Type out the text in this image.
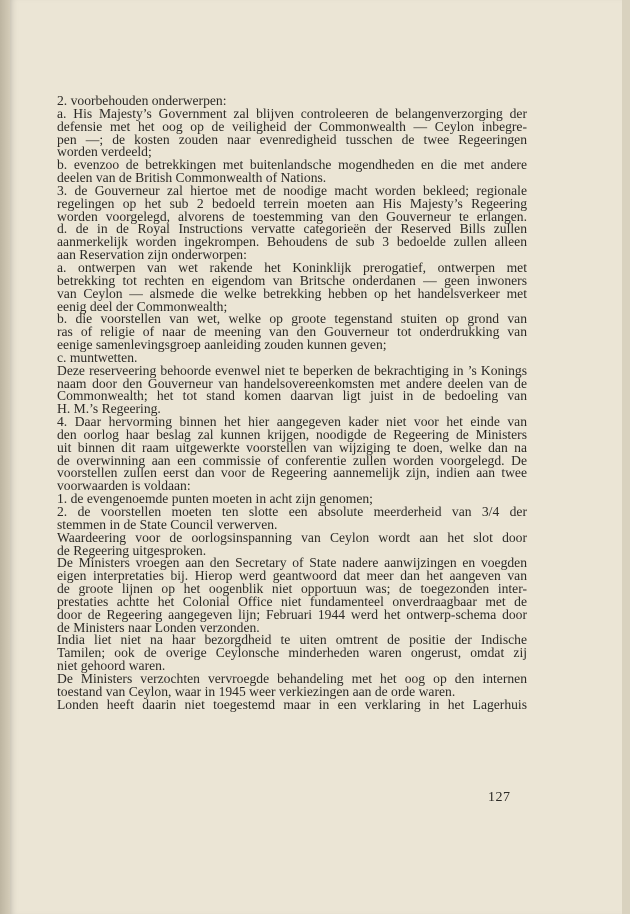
2. voorbehouden onderwerpen:
a. His Majesty’s Government zal blijven controleeren de belangenverzorging der
defensie met het oog op de veiligheid der Commonwealth — Ceylon inbegre-
pen —; de kosten zouden naar evenredigheid tusschen de twee Regeeringen
worden verdeeld;
b. evenzoo de betrekkingen met buitenlandsche mogendheden en die met andere
deelen van de British Commonwealth of Nations.
3. de Gouverneur zal hiertoe met de noodige macht worden bekleed; regionale
regelingen op het sub 2 bedoeld terrein moeten aan His Majesty’s Regeering
worden voorgelegd, alvorens de toestemming van den Gouverneur te erlangen.
d. de in de Royal Instructions vervatte categorieën der Reserved Bills zullen
aanmerkelijk worden ingekrompen. Behoudens de sub 3 bedoelde zullen alleen
aan Reservation zijn onderworpen:
a. ontwerpen van wet rakende het Koninklijk prerogatief, ontwerpen met
betrekking tot rechten en eigendom van Britsche onderdanen — geen inwoners
van Ceylon — alsmede die welke betrekking hebben op het handelsverkeer met
eenig deel der Commonwealth;
b. die voorstellen van wet, welke op groote tegenstand stuiten op grond van
ras of religie of naar de meening van den Gouverneur tot onderdrukking van
eenige samenlevingsgroep aanleiding zouden kunnen geven;
c. muntwetten.
Deze reserveering behoorde evenwel niet te beperken de bekrachtiging in ’s Konings
naam door den Gouverneur van handelsovereenkomsten met andere deelen van de
Commonwealth; het tot stand komen daarvan ligt juist in de bedoeling van
H. M.’s Regeering.
4. Daar hervorming binnen het hier aangegeven kader niet voor het einde van
den oorlog haar beslag zal kunnen krijgen, noodigde de Regeering de Ministers
uit binnen dit raam uitgewerkte voorstellen van wijziging te doen, welke dan na
de overwinning aan een commissie of conferentie zullen worden voorgelegd. De
voorstellen zullen eerst dan voor de Regeering aannemelijk zijn, indien aan twee
voorwaarden is voldaan:
1. de evengenoemde punten moeten in acht zijn genomen;
2. de voorstellen moeten ten slotte een absolute meerderheid van 3/4 der
stemmen in de State Council verwerven.
Waardeering voor de oorlogsinspanning van Ceylon wordt aan het slot door
de Regeering uitgesproken.
De Ministers vroegen aan den Secretary of State nadere aanwijzingen en voegden
eigen interpretaties bij. Hierop werd geantwoord dat meer dan het aangeven van
de groote lijnen op het oogenblik niet opportuun was; de toegezonden inter-
prestaties achtte het Colonial Office niet fundamenteel onverdraagbaar met de
door de Regeering aangegeven lijn; Februari 1944 werd het ontwerp-schema door
de Ministers naar Londen verzonden.
India liet niet na haar bezorgdheid te uiten omtrent de positie der Indische
Tamilen; ook de overige Ceylonsche minderheden waren ongerust, omdat zij
niet gehoord waren.
De Ministers verzochten vervroegde behandeling met het oog op den internen
toestand van Ceylon, waar in 1945 weer verkiezingen aan de orde waren.
Londen heeft daarin niet toegestemd maar in een verklaring in het Lagerhuis
127
